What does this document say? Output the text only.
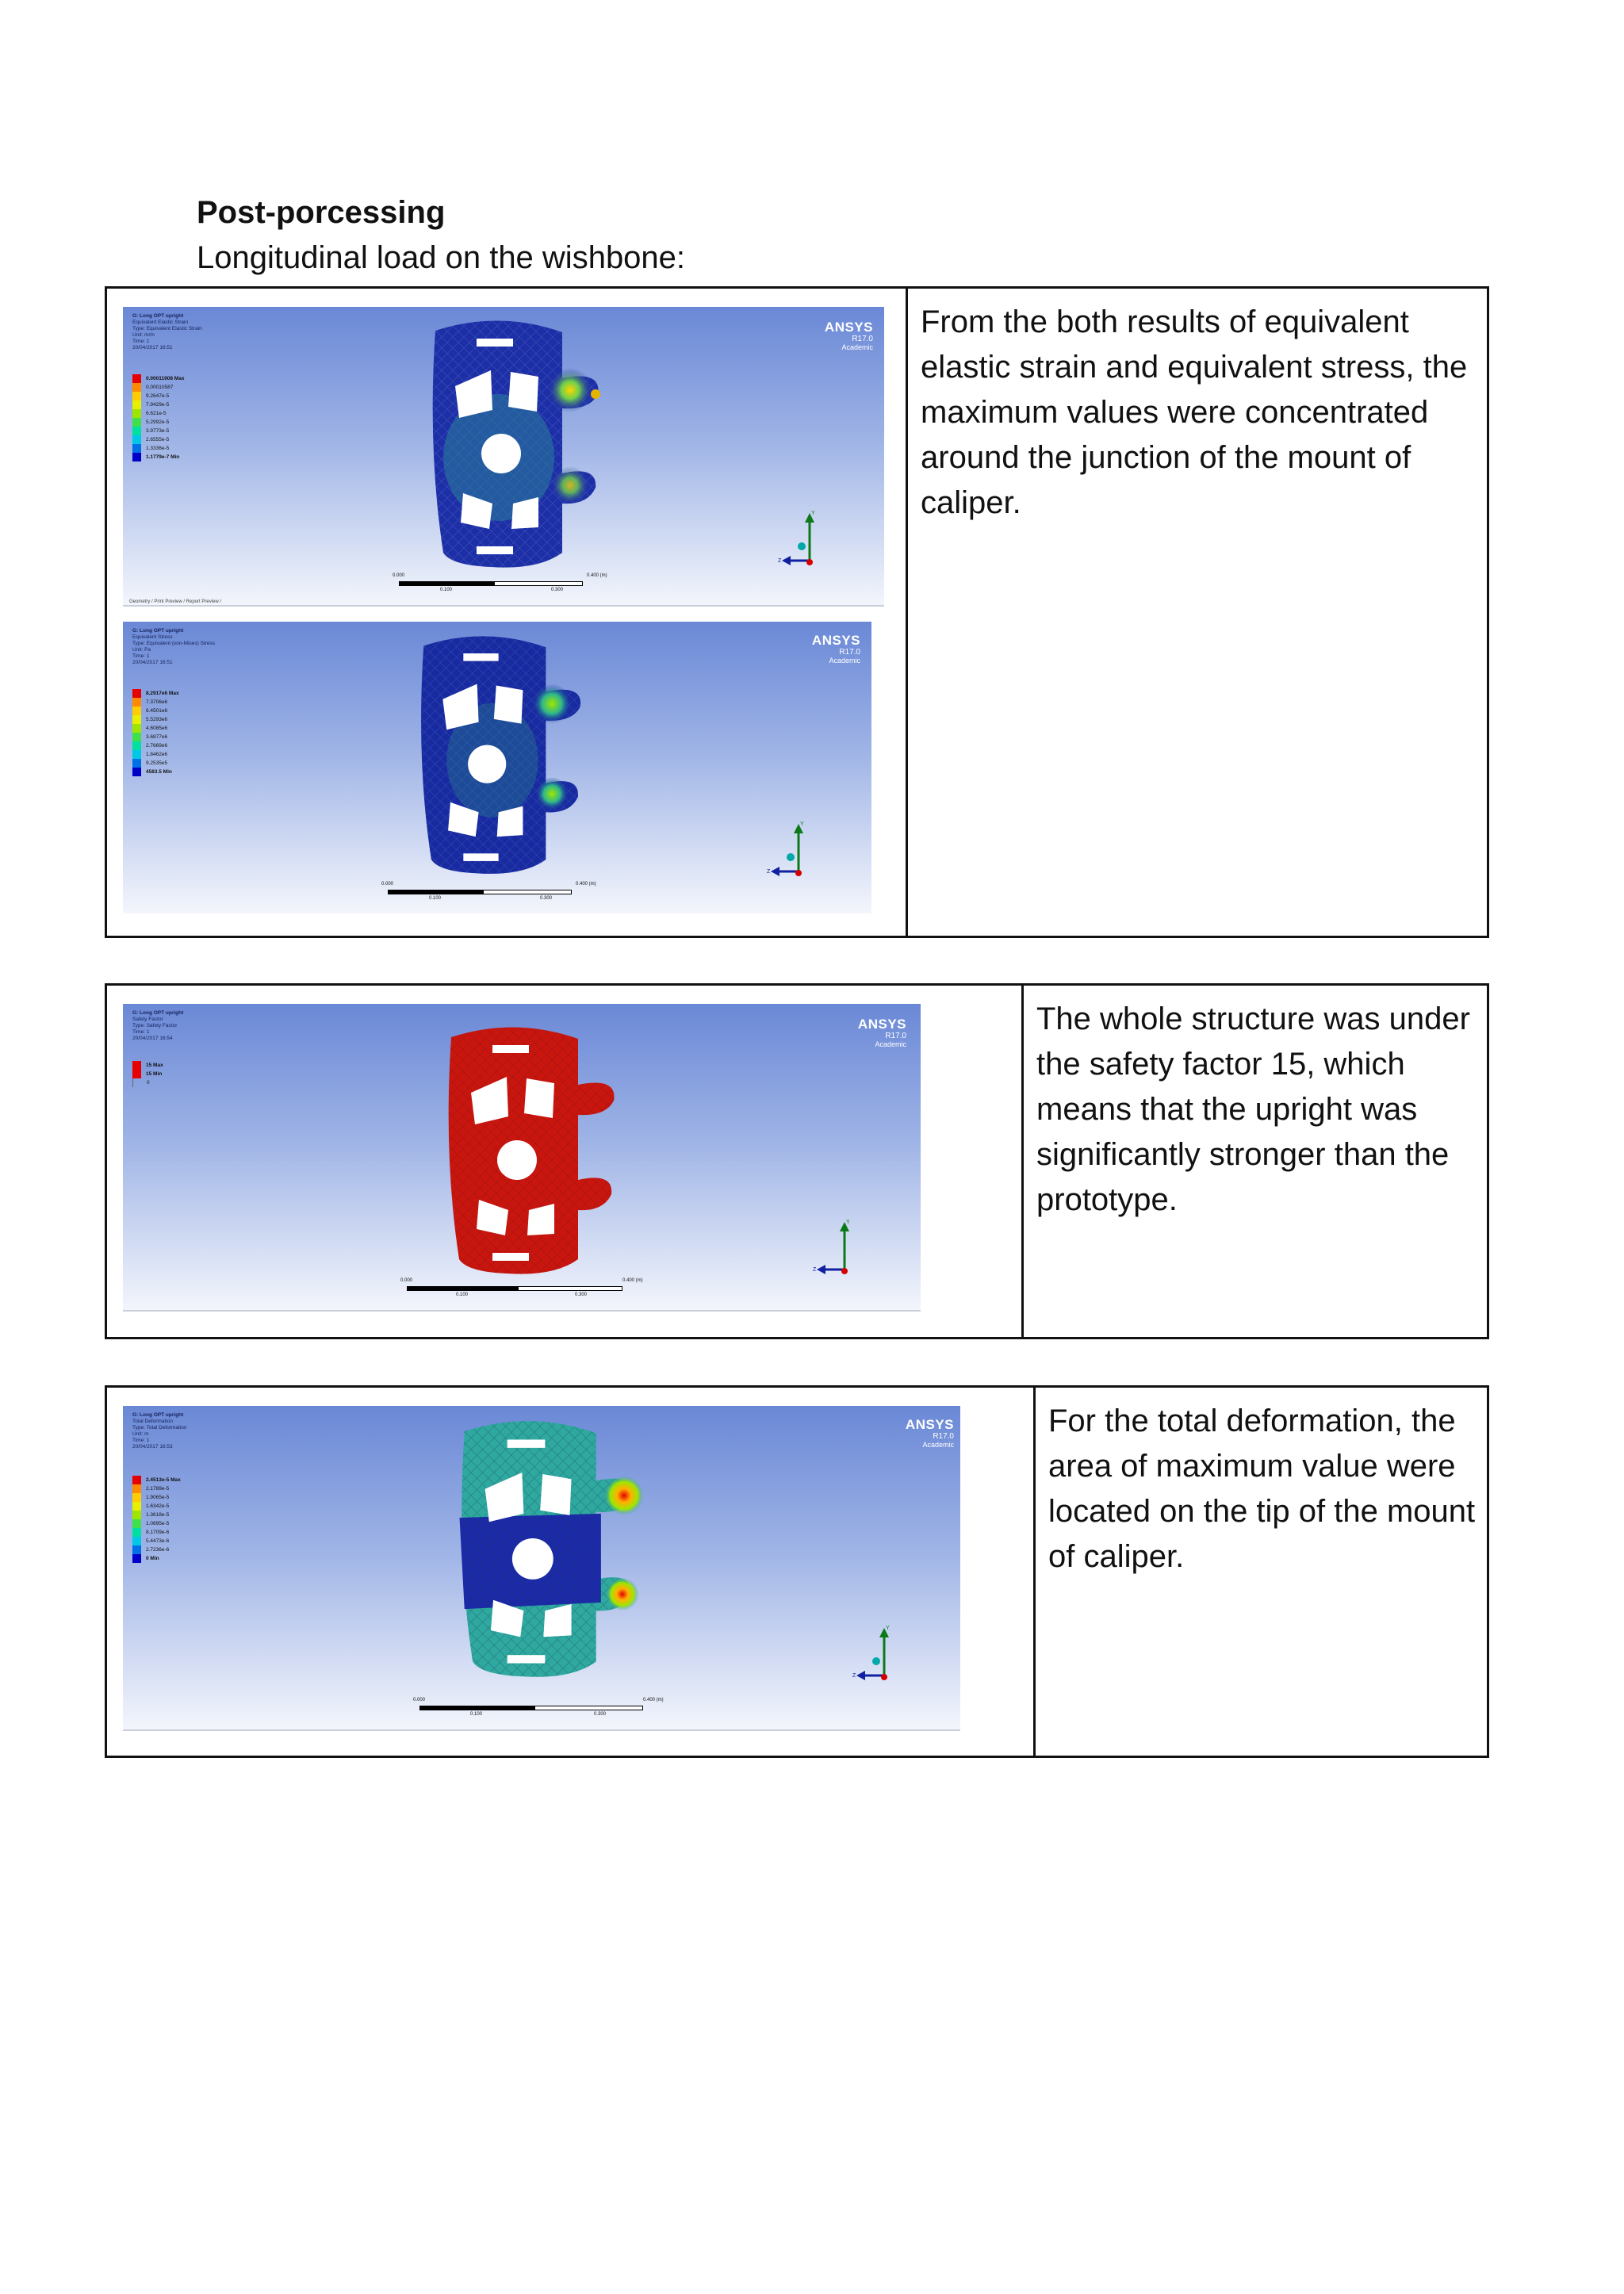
Post-porcessing

Longitudinal load on the wishbone:

From the both results of equivalent elastic strain and equivalent stress, the maximum values were concentrated around the junction of the mount of caliper.

G: Long OPT upright
Equivalent Elastic Strain
Type: Equivalent Elastic Strain
Unit: m/m
Time: 1
20/04/2017 16:51
0.00011908 Max
0.00010587
9.2647e-5
7.9429e-5
6.621e-5
5.2992e-5
3.9773e-5
2.6555e-5
1.3336e-5
1.1779e-7 Min
ANSYS
R17.0
Academic
0.000	0.400 (m)
0.100	0.300
Y
Z
Geometry / Print Preview / Report Preview /
G: Long OPT upright
Equivalent Stress
Type: Equivalent (von-Mises) Stress
Unit: Pa
Time: 1
20/04/2017 16:51
8.2917e6 Max
7.3706e6
6.4501e6
5.5293e6
4.6085e6
3.6877e6
2.7669e6
1.8462e6
9.2535e5
4583.5 Min
ANSYS
R17.0
Academic
0.000	0.400 (m)
0.100	0.300
Y
Z

The whole structure was under the safety factor 15, which means that the upright was significantly stronger than the prototype.

G: Long OPT upright
Safety Factor
Type: Safety Factor
Time: 1
20/04/2017 16:54
15 Max
15 Min
0
ANSYS
R17.0
Academic
0.000	0.400 (m)
0.100	0.300
Y
Z

For the total deformation, the area of maximum value were located on the tip of the mount of caliper.

G: Long OPT upright
Total Deformation
Type: Total Deformation
Unit: m
Time: 1
20/04/2017 16:53
2.4513e-5 Max
2.1789e-5
1.9065e-5
1.6342e-5
1.3618e-5
1.0895e-5
8.1709e-6
5.4473e-6
2.7236e-6
0 Min
ANSYS
R17.0
Academic
0.000	0.400 (m)
0.100	0.300
Y
Z
